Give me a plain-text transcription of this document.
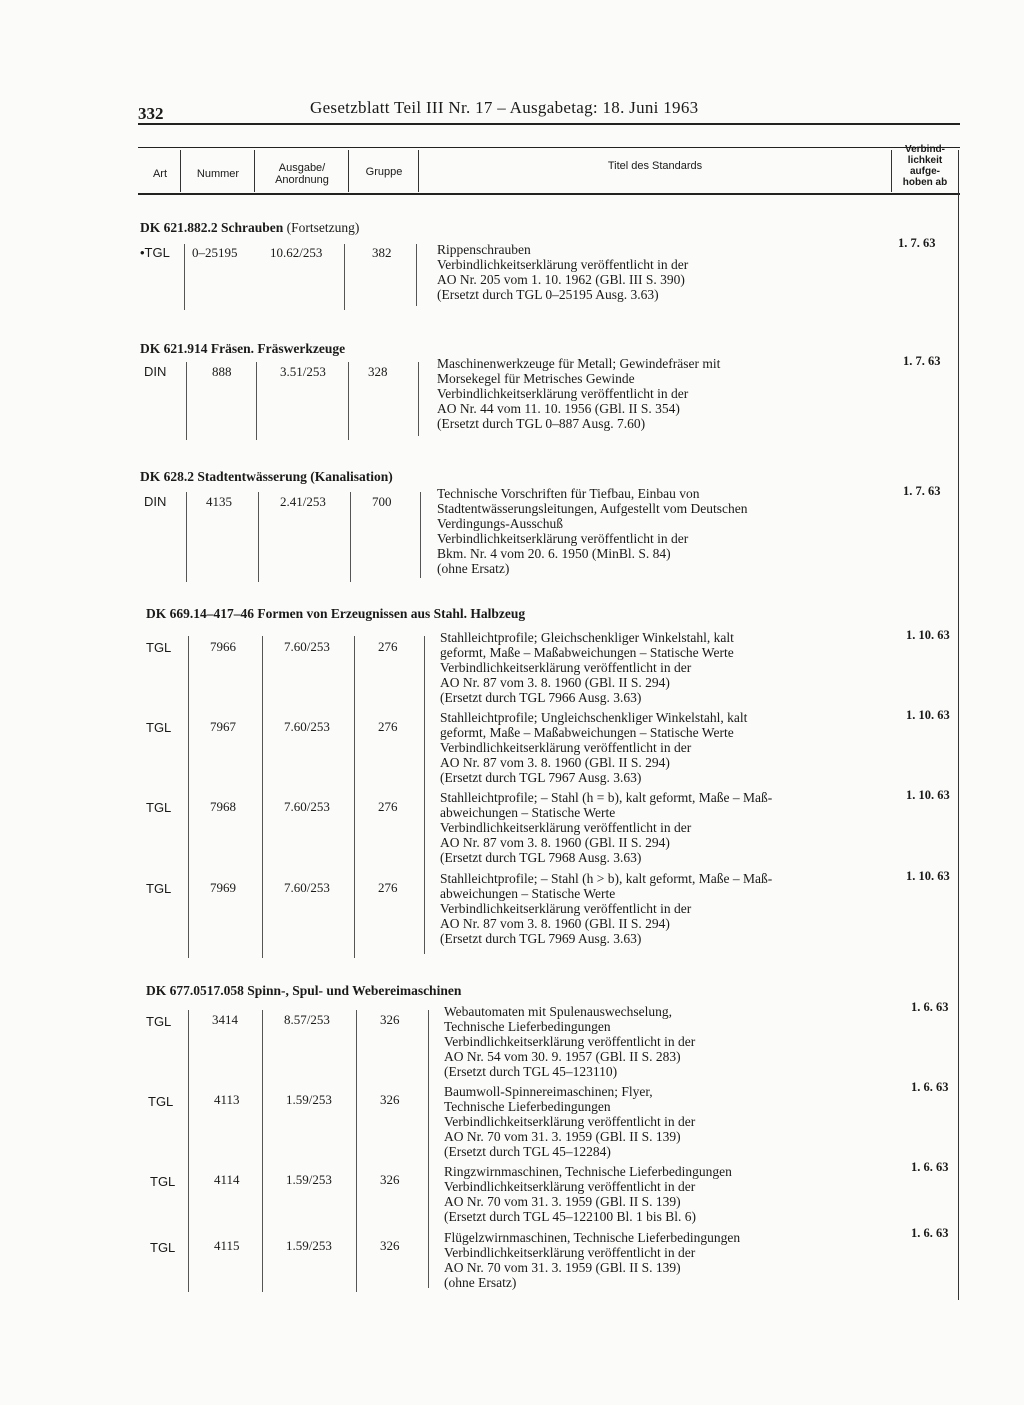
332	Gesetzblatt Teil III Nr. 17 – Ausgabetag: 18. Juni 1963
Art	Nummer	Ausgabe/
Anordnung
Gruppe	Titel des Standards
Verbind-
lichkeit
aufge-
hoben ab
DK 621.882.2 Schrauben (Fortsetzung)
•TGL 0–25195	10.62/253	382	Rippenschrauben
Verbindlichkeitserklärung veröffentlicht in der
AO Nr. 205 vom 1. 10. 1962 (GBl. III S. 390)
(Ersetzt durch TGL 0–25195 Ausg. 3.63)
1. 7. 63
DK 621.914 Fräsen. Fräswerkzeuge
DIN	888	3.51/253	328
Maschinenwerkzeuge für Metall; Gewindefräser mit
Morsekegel für Metrisches Gewinde
Verbindlichkeitserklärung veröffentlicht in der
AO Nr. 44 vom 11. 10. 1956 (GBl. II S. 354)
(Ersetzt durch TGL 0–887 Ausg. 7.60)
1. 7. 63
DK 628.2 Stadtentwässerung (Kanalisation)
DIN	4135	2.41/253	700
Technische Vorschriften für Tiefbau, Einbau von
Stadtentwässerungsleitungen, Aufgestellt vom Deutschen
Verdingungs-Ausschuß
Verbindlichkeitserklärung veröffentlicht in der
Bkm. Nr. 4 vom 20. 6. 1950 (MinBl. S. 84)
(ohne Ersatz)
1. 7. 63
DK 669.14–417–46 Formen von Erzeugnissen aus Stahl. Halbzeug
TGL	7966	7.60/253	276
Stahlleichtprofile; Gleichschenkliger Winkelstahl, kalt
geformt, Maße – Maßabweichungen – Statische Werte
Verbindlichkeitserklärung veröffentlicht in der
AO Nr. 87 vom 3. 8. 1960 (GBl. II S. 294)
(Ersetzt durch TGL 7966 Ausg. 3.63)
1. 10. 63
TGL	7967	7.60/253	276
Stahlleichtprofile; Ungleichschenkliger Winkelstahl, kalt
geformt, Maße – Maßabweichungen – Statische Werte
Verbindlichkeitserklärung veröffentlicht in der
AO Nr. 87 vom 3. 8. 1960 (GBl. II S. 294)
(Ersetzt durch TGL 7967 Ausg. 3.63)
1. 10. 63
TGL	7968	7.60/253	276
Stahlleichtprofile; – Stahl (h = b), kalt geformt, Maße – Maß-
abweichungen – Statische Werte
Verbindlichkeitserklärung veröffentlicht in der
AO Nr. 87 vom 3. 8. 1960 (GBl. II S. 294)
(Ersetzt durch TGL 7968 Ausg. 3.63)
1. 10. 63
TGL	7969	7.60/253	276
Stahlleichtprofile; – Stahl (h > b), kalt geformt, Maße – Maß-
abweichungen – Statische Werte
Verbindlichkeitserklärung veröffentlicht in der
AO Nr. 87 vom 3. 8. 1960 (GBl. II S. 294)
(Ersetzt durch TGL 7969 Ausg. 3.63)
1. 10. 63
DK 677.0517.058 Spinn-, Spul- und Webereimaschinen
TGL	3414	8.57/253	326
Webautomaten mit Spulenauswechselung,
Technische Lieferbedingungen
Verbindlichkeitserklärung veröffentlicht in der
AO Nr. 54 vom 30. 9. 1957 (GBl. II S. 283)
(Ersetzt durch TGL 45–123110)
1. 6. 63
TGL	4113	1.59/253	326
Baumwoll-Spinnereimaschinen; Flyer,
Technische Lieferbedingungen
Verbindlichkeitserklärung veröffentlicht in der
AO Nr. 70 vom 31. 3. 1959 (GBl. II S. 139)
(Ersetzt durch TGL 45–12284)
1. 6. 63
TGL	4114	1.59/253	326
Ringzwirnmaschinen, Technische Lieferbedingungen
Verbindlichkeitserklärung veröffentlicht in der
AO Nr. 70 vom 31. 3. 1959 (GBl. II S. 139)
(Ersetzt durch TGL 45–122100 Bl. 1 bis Bl. 6)
1. 6. 63
TGL	4115	1.59/253	326
Flügelzwirnmaschinen, Technische Lieferbedingungen
Verbindlichkeitserklärung veröffentlicht in der
AO Nr. 70 vom 31. 3. 1959 (GBl. II S. 139)
(ohne Ersatz)
1. 6. 63
